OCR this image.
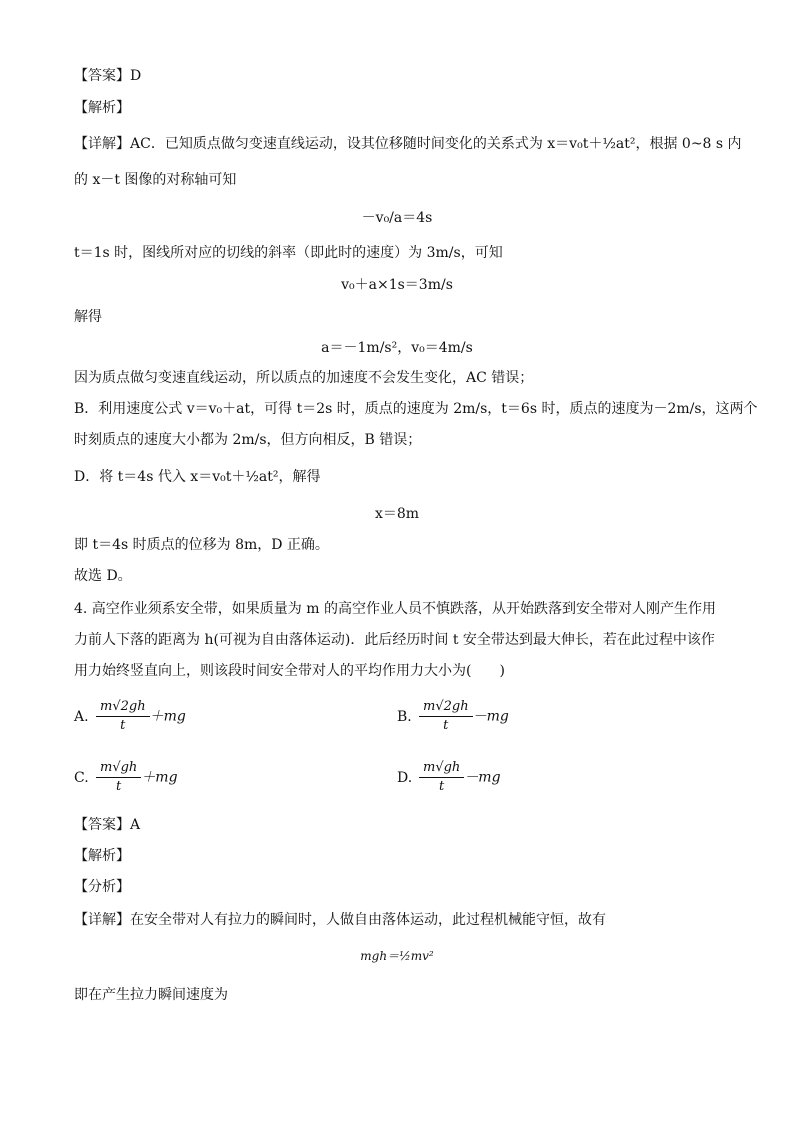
【答案】D
【解析】
【详解】AC．已知质点做匀变速直线运动，设其位移随时间变化的关系式为 x＝v₀t＋½at²，根据 0~8 s 内
的 x－t 图像的对称轴可知
－v₀/a＝4s
t＝1s 时，图线所对应的切线的斜率（即此时的速度）为 3m/s，可知
v₀＋a×1s＝3m/s
解得
a＝－1m/s²，v₀＝4m/s
因为质点做匀变速直线运动，所以质点的加速度不会发生变化，AC 错误；
B．利用速度公式 v＝v₀＋at，可得 t＝2s 时，质点的速度为 2m/s，t＝6s 时，质点的速度为－2m/s，这两个
时刻质点的速度大小都为 2m/s，但方向相反，B 错误；
D．将 t＝4s 代入 x＝v₀t＋½at²，解得
x＝8m
即 t＝4s 时质点的位移为 8m，D 正确。
故选 D。
4. 高空作业须系安全带，如果质量为 m 的高空作业人员不慎跌落，从开始跌落到安全带对人刚产生作用
力前人下落的距离为 h(可视为自由落体运动)．此后经历时间 t 安全带达到最大伸长，若在此过程中该作
用力始终竖直向上，则该段时间安全带对人的平均作用力大小为(　　)
A. $\frac{m√2gh}{t} +mg$	B. $\frac{m√2gh}{t} -mg$
C. $\frac{m√gh}{t} +mg$	D. $\frac{m√gh}{t} -mg$
【答案】A
【解析】
【分析】
【详解】在安全带对人有拉力的瞬间时，人做自由落体运动，此过程机械能守恒，故有
mgh＝½mv²
即在产生拉力瞬间速度为
